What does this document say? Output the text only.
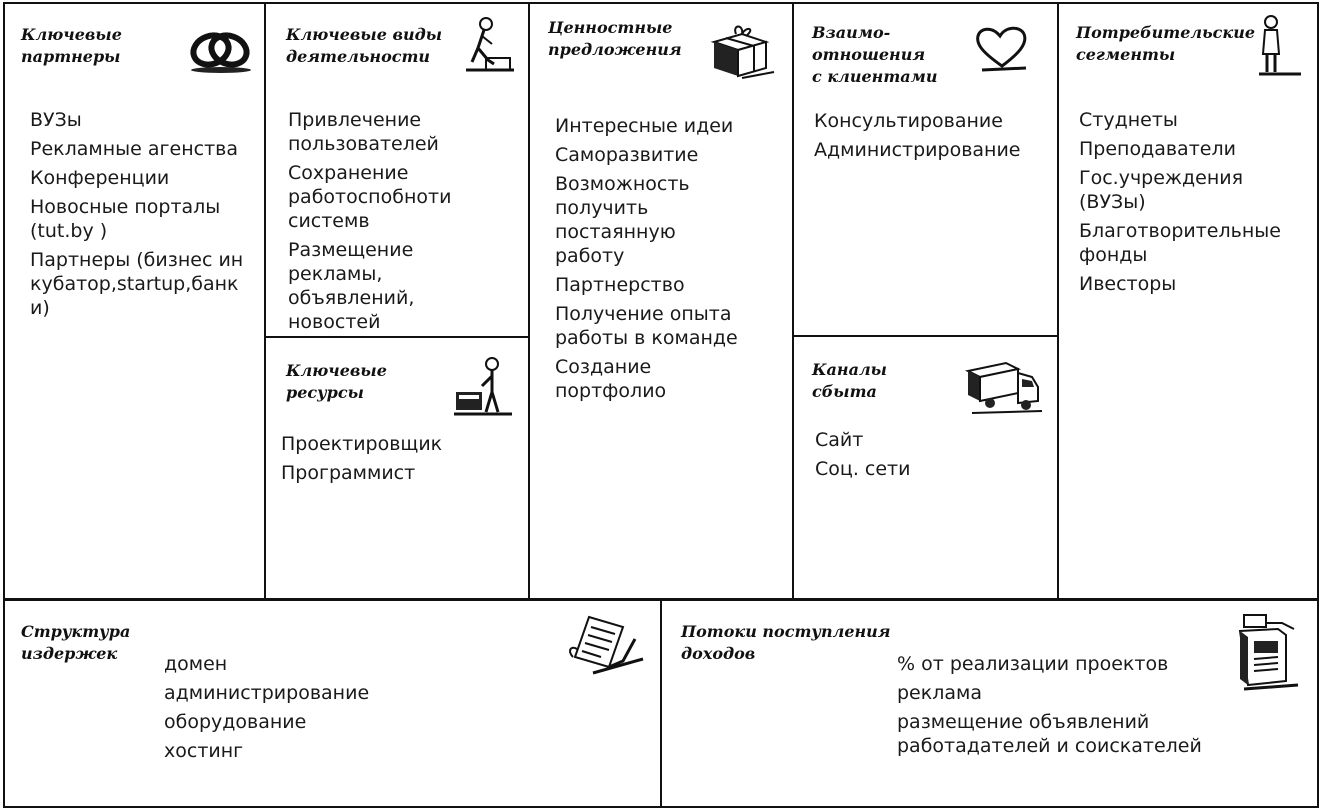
Ключевые
партнеры
ВУЗы
Рекламные агенства
Конференции
Новосные порталы (tut.by )
Партнеры (бизнес инкубатор,startup,банки)
Ключевые виды
деятельности
Привлечение пользователей
Сохранение работоспобноти системв
Размещение рекламы, объявлений, новостей
Ключевые
ресурсы
Проектировщик
Программист
Ценностные
предложения
Интересные идеи
Саморазвитие
Возможность получить постаянную работу
Партнерство
Получение опыта работы в команде
Создание портфолио
Взаимо-
отношения
с клиентами
Консультирование
Администрирование
Каналы
сбыта
Сайт
Соц. сети
Потребительские
сегменты
Студнеты
Преподаватели
Гос.учреждения (ВУЗы)
Благотворительные фонды
Ивесторы
Структура
издержек	домен
администрирование
оборудование
хостинг
Потоки поступления
доходов	% от реализации проектов
реклама
размещение объявлений работадателей и соискателей
